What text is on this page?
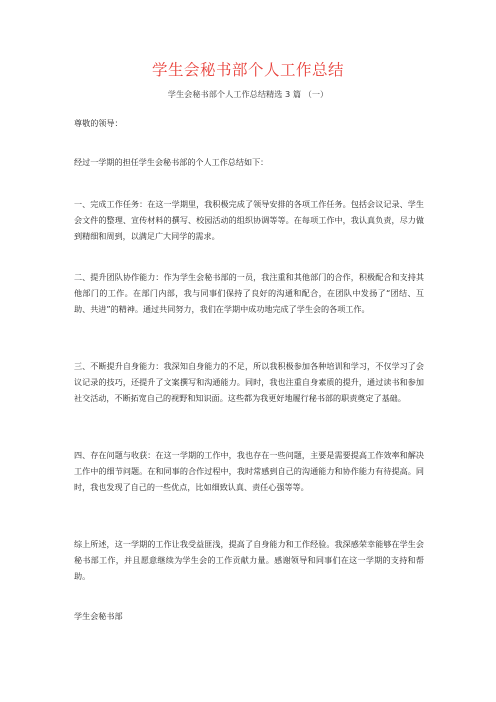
学生会秘书部个人工作总结
学生会秘书部个人工作总结精选 3 篇 （一）

尊敬的领导：

经过一学期的担任学生会秘书部的个人工作总结如下：

一、完成工作任务：在这一学期里，我积极完成了领导安排的各项工作任务。包括会议记录、学生会文件的整理、宣传材料的撰写、校园活动的组织协调等等。在每项工作中，我认真负责，尽力做到精细和周到，以满足广大同学的需求。

二、提升团队协作能力：作为学生会秘书部的一员，我注重和其他部门的合作，积极配合和支持其他部门的工作。在部门内部，我与同事们保持了良好的沟通和配合，在团队中发扬了“团结、互助、共进”的精神。通过共同努力，我们在学期中成功地完成了学生会的各项工作。

三、不断提升自身能力：我深知自身能力的不足，所以我积极参加各种培训和学习，不仅学习了会议记录的技巧，还提升了文案撰写和沟通能力。同时，我也注重自身素质的提升，通过读书和参加社交活动，不断拓宽自己的视野和知识面。这些都为我更好地履行秘书部的职责奠定了基础。

四、存在问题与收获：在这一学期的工作中，我也存在一些问题，主要是需要提高工作效率和解决工作中的细节问题。在和同事的合作过程中，我时常感到自己的沟通能力和协作能力有待提高。同时，我也发现了自己的一些优点，比如细致认真、责任心强等等。

综上所述，这一学期的工作让我受益匪浅，提高了自身能力和工作经验。我深感荣幸能够在学生会秘书部工作，并且愿意继续为学生会的工作贡献力量。感谢领导和同事们在这一学期的支持和帮助。

学生会秘书部
